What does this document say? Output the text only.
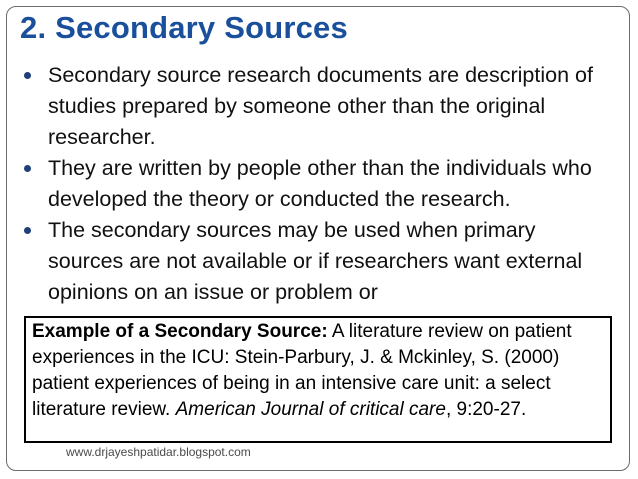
2. Secondary Sources
Secondary source research documents are description of studies prepared by someone other than the original researcher.
They are written by people other than the individuals who developed the theory or conducted the research.
The secondary sources may be used when primary sources are not available or if researchers want external opinions on an issue or problem or
Example of a Secondary Source: A literature review on patient experiences in the ICU: Stein-Parbury, J. & Mckinley, S. (2000) patient experiences of being in an intensive care unit: a select literature review. American Journal of critical care, 9:20-27.
www.drjayeshpatidar.blogspot.com
